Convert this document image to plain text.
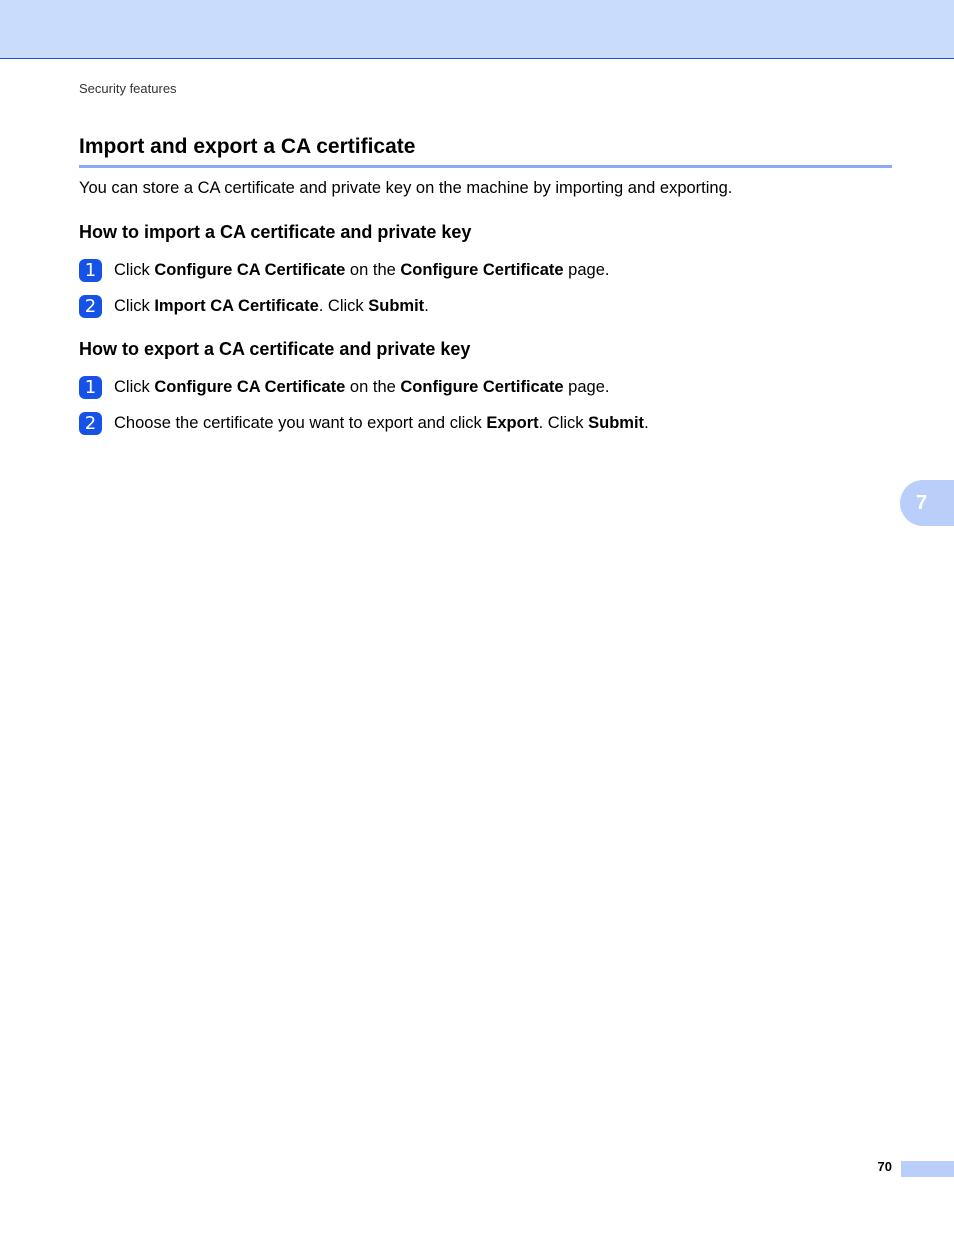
Security features
Import and export a CA certificate

You can store a CA certificate and private key on the machine by importing and exporting.

How to import a CA certificate and private key
1	Click Configure CA Certificate on the Configure Certificate page.
2	Click Import CA Certificate. Click Submit.
How to export a CA certificate and private key
1	Click Configure CA Certificate on the Configure Certificate page.
2	Choose the certificate you want to export and click Export. Click Submit.
7
70
